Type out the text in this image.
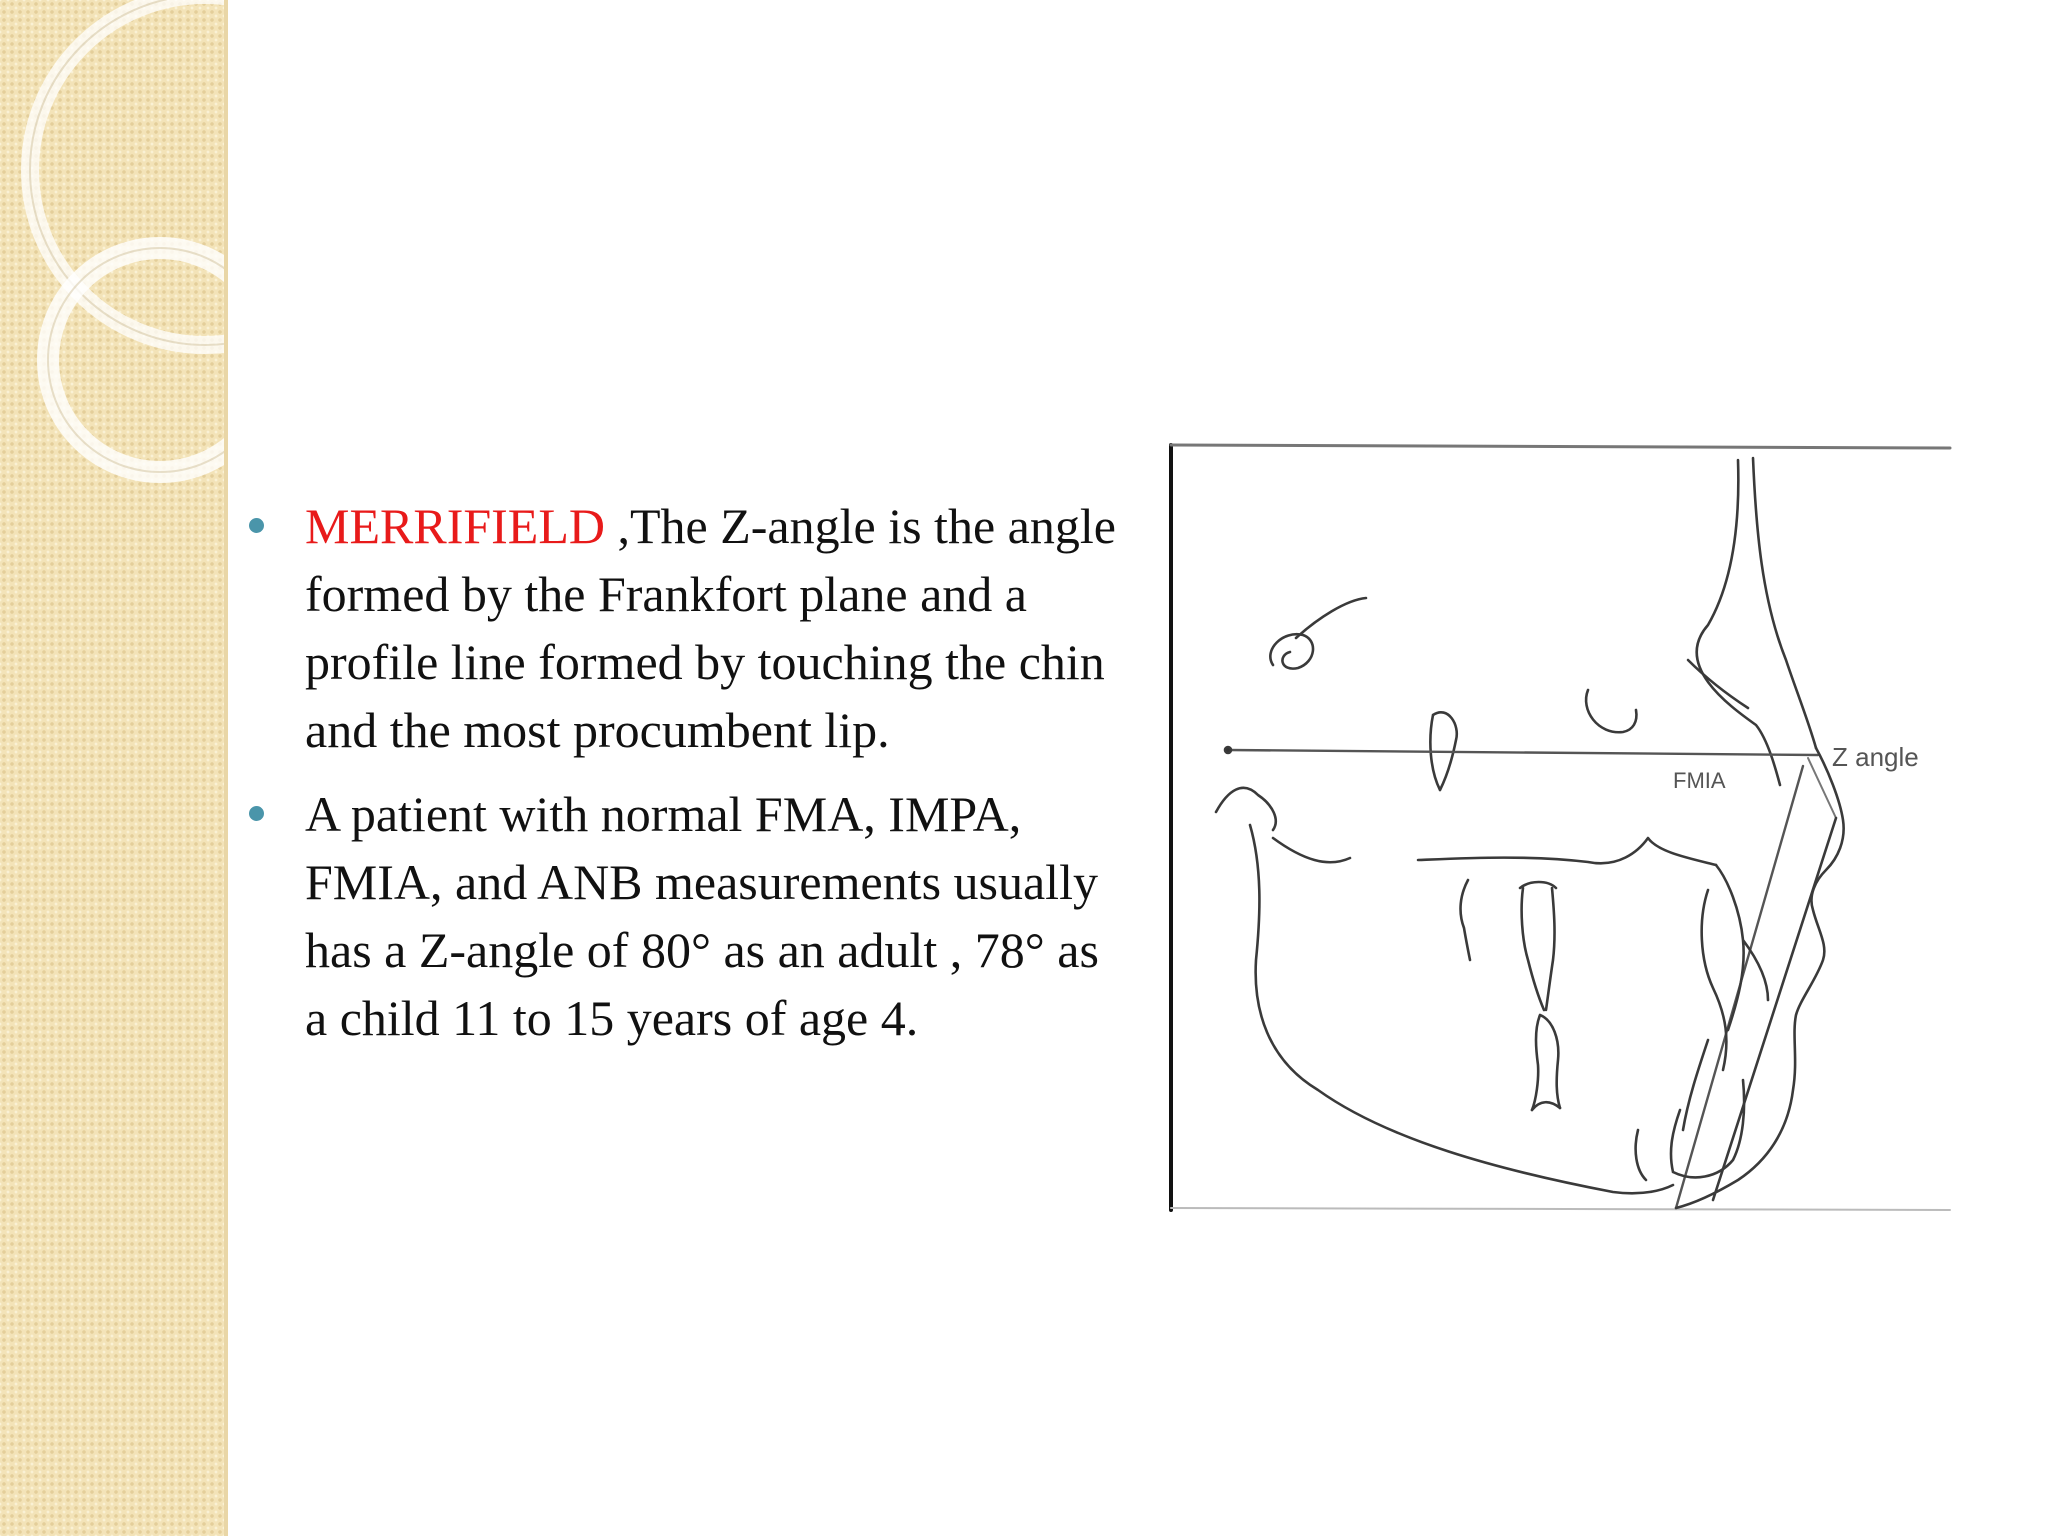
MERRIFIELD ,The Z-angle is the angle formed by the Frankfort plane and a profile line formed by touching the chin and the most procumbent lip.
A patient with normal FMA, IMPA, FMIA, and ANB measurements usually has a Z-angle of 80° as an adult , 78° as a child 11 to 15 years of age 4.
FMIA
Z angle
